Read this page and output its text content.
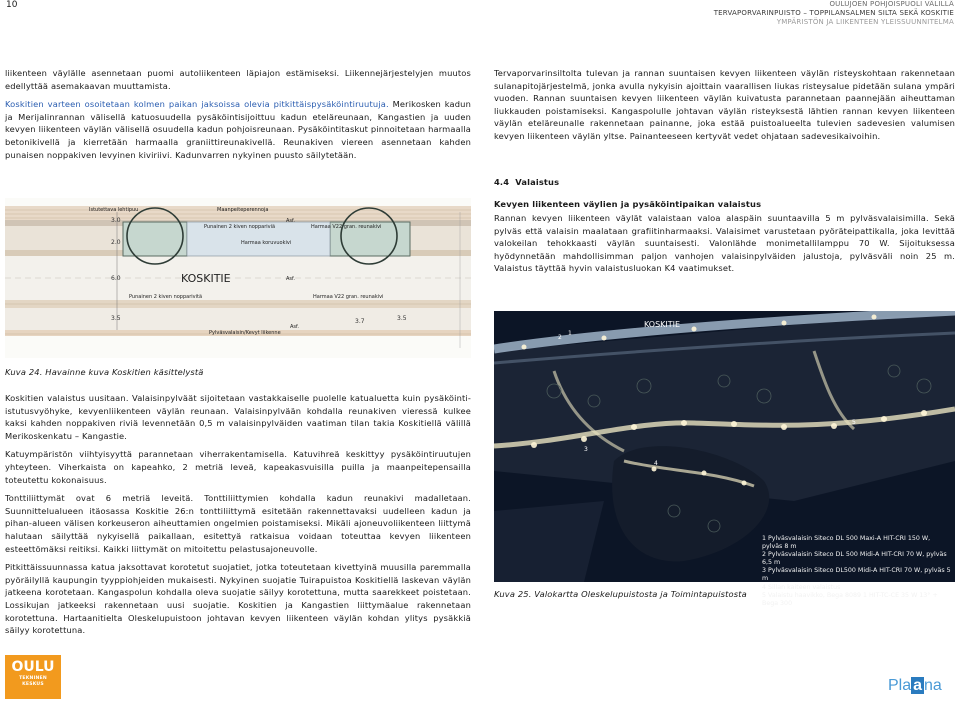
10	OULUJOEN POHJOISPUOLI VÄLILLÄ
TERVAPORVARINPUISTO – TOPPILANSALMEN SILTA SEKÄ KOSKITIE
YMPÄRISTÖN JA LIIKENTEEN YLEISSUUNNITELMA

liikenteen väylälle asennetaan puomi autoliikenteen läpiajon estämiseksi. Liikennejärjestelyjen muutos edellyttää asemakaavan muuttamista.

Koskitien varteen osoitetaan kolmen paikan jaksoissa olevia pitkittäispysäköintiruutuja. Merikosken kadun ja Merijalinrannan välisellä katuosuudella pysäköintisijoittuu kadun eteläreunaan, Kangastien ja uuden kevyen liikenteen väylän välisellä osuudella kadun pohjoisreunaan. Pysäköintitaskut pinnoitetaan harmaalla betonikivellä ja kierretään harmaalla graniittireunakivellä. Reunakiven viereen asennetaan kahden punaisen noppakiven levyinen kiviriivi. Kadunvarren nykyinen puusto säilytetään.

3.0
2.0
6.0
3.5	3.7	3.5
Istutettava lehtipuu	Maanpeiteperennoja
Punainen 2 kiven noppariviä
Asf.
Harmaa V22 gran. reunakivi
Harmaa koruvuokivi
Asf.
Punainen 2 kiven nopparivitä	Harmaa V22 gran. reunakivi
Asf.
Pylväsvalaisin/Kevyt liikenne
KOSKITIE
Kuva 24. Havainne kuva Koskitien käsittelystä

Koskitien valaistus uusitaan. Valaisinpylväät sijoitetaan vastakkaiselle puolelle katualuetta kuin pysäköinti-istutusvyöhyke, kevyenliikenteen väylän reunaan. Valaisinpylvään kohdalla reunakiven vieressä kulkee kaksi kahden noppakiven riviä levennetään 0,5 m valaisinpylväiden vaatiman tilan takia Koskitiellä välillä Merikoskenkatu – Kangastie.

Katuympäristön viihtyisyyttä parannetaan viherrakentamisella. Katuvihreä keskittyy pysäköintiruutujen yhteyteen. Viherkaista on kapeahko, 2 metriä leveä, kapeakasvuisilla puilla ja maanpeitepensailla toteutettu kokonaisuus.

Tonttiliittymät ovat 6 metriä leveitä. Tonttiliittymien kohdalla kadun reunakivi madalletaan. Suunnittelualueen itäosassa Koskitie 26:n tonttiliittymä esitetään rakennettavaksi uudelleen kadun ja pihan-alueen välisen korkeuseron aiheuttamien ongelmien poistamiseksi. Mikäli ajoneuvoliikenteen liittymä halutaan säilyttää nykyisellä paikallaan, esitettyä ratkaisua voidaan toteuttaa kevyen liikenteen esteettömäksi reitiksi. Kaikki liittymät on mitoitettu pelastusajoneuvolle.

Pitkittäissuunnassa katua jaksottavat korotetut suojatiet, jotka toteutetaan kivettyinä muusilla paremmalla pyöräilyllä kaupungin tyyppiohjeiden mukaisesti. Nykyinen suojatie Tuirapuistoa Koskitiellä laskevan väylän jatkeena korotetaan. Kangaspolun kohdalla oleva suojatie säilyy korotettuna, mutta saarekkeet poistetaan. Lossikujan jatkeeksi rakennetaan uusi suojatie. Koskitien ja Kangastien liittymäalue rakennetaan korotettuna. Hartaanitielta Oleskelupuistoon johtavan kevyen liikenteen väylän kohdan ylitys pysäkkiä säilyy korotettuna.

Tervaporvarinsiltolta tulevan ja rannan suuntaisen kevyen liikenteen väylän risteyskohtaan rakennetaan sulanapitojärjestelmä, jonka avulla nykyisin ajoittain vaarallisen liukas risteysalue pidetään sulana ympäri vuoden. Rannan suuntaisen kevyen liikenteen väylän kuivatusta parannetaan paannejään aiheuttaman liukkauden poistamiseksi. Kangaspolulle johtavan väylän risteyksestä lähtien rannan kevyen liikenteen väylän eteläreunalle rakennetaan painanne, joka estää puistoalueelta tulevien sadevesien valumisen kevyen liikenteen väylän yltse. Painanteeseen kertyvät vedet ohjataan sadevesikaivoihin.

4.4 Valaistus
Kevyen liikenteen väylien ja pysäköintipaikan valaistus

Rannan kevyen liikenteen väylät valaistaan valoa alaspäin suuntaavilla 5 m pylväsvalaisimilla. Sekä pylväs että valaisin maalataan grafiitinharmaaksi. Valaisimet varustetaan pyöräteipattikalla, joka levittää valokeilan tehokkaasti väylän suuntaisesti. Valonlähde monimetallilamppu 70 W. Sijoituksessa hyödynnetään mahdollisimman paljon vanhojen valaisinpylväiden jalustoja, pylväsväli noin 25 m. Valaistus täyttää hyvin valaistusluokan K4 vaatimukset.

KOSKITIE
1
2
3
4
5
1 Pylväsvalaisin Siteco DL 500 Maxi-A HIT-CRI 150 W, pylväs 8 m
2 Pylväsvalaisin Siteco DL 500 Midi-A HIT-CRI 70 W, pylväs 6,5 m
3 Pylväsvalaisin Siteco DL500 Midi-A HIT-CRI 70 W, pylväs 5 m
4 Sillan kaiteen valaistus
5 Valaistu haavikko, Bega 8089 1 HIT-TC-CE 35 W 13° + Bega 300
Kuva 25. Valokartta Oleskelupuistosta ja Toimintapuistosta
OULU
TEKNINEN
KESKUS	Pla a na
